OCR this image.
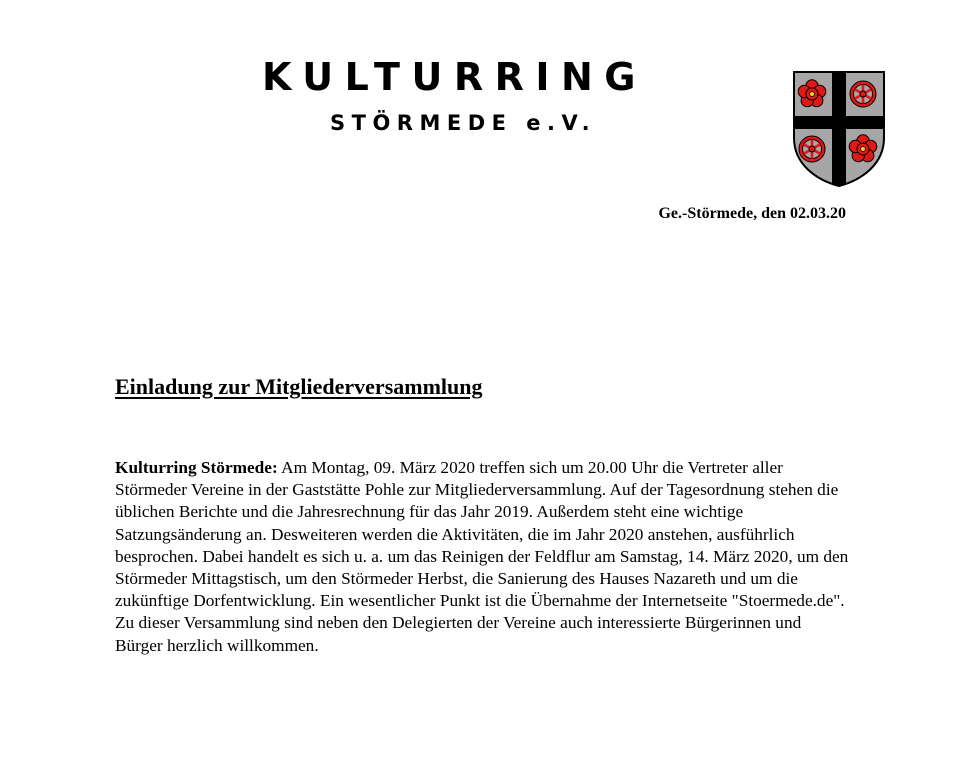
KULTURRING
STÖRMEDE e.V.
Ge.-Störmede, den 02.03.20
Einladung zur Mitgliederversammlung

Kulturring Störmede: Am Montag, 09. März 2020 treffen sich um 20.00 Uhr die Vertreter aller Störmeder Vereine in der Gaststätte Pohle zur Mitgliederversammlung. Auf der Tagesordnung stehen die üblichen Berichte und die Jahresrechnung für das Jahr 2019. Außerdem steht eine wichtige Satzungsänderung an. Desweiteren werden die Aktivitäten, die im Jahr 2020 anstehen, ausführlich besprochen. Dabei handelt es sich u. a. um das Reinigen der Feldflur am Samstag, 14. März 2020, um den Störmeder Mittagstisch, um den Störmeder Herbst, die Sanierung des Hauses Nazareth und um die zukünftige Dorfentwicklung. Ein wesentlicher Punkt ist die Übernahme der Internetseite "Stoermede.de". Zu dieser Versammlung sind neben den Delegierten der Vereine auch interessierte Bürgerinnen und Bürger herzlich willkommen.
